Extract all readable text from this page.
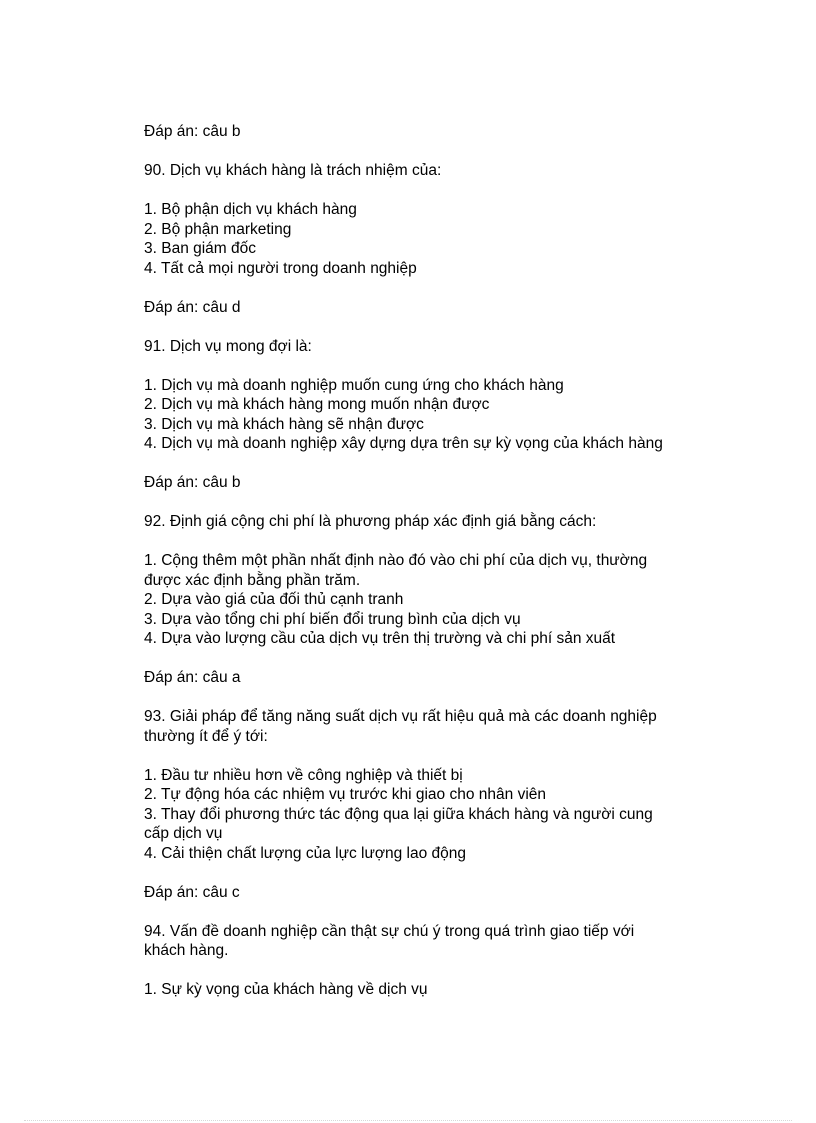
Đáp án: câu b
90. Dịch vụ khách hàng là trách nhiệm của:
1. Bộ phận dịch vụ khách hàng
2. Bộ phận marketing
3. Ban giám đốc
4. Tất cả mọi người trong doanh nghiệp
Đáp án: câu d
91. Dịch vụ mong đợi là:
1. Dịch vụ mà doanh nghiệp muốn cung ứng cho khách hàng
2. Dịch vụ mà khách hàng mong muốn nhận được
3. Dịch vụ mà khách hàng sẽ nhận được
4. Dịch vụ mà doanh nghiệp xây dựng dựa trên sự kỳ vọng của khách hàng
Đáp án: câu b
92. Định giá cộng chi phí là phương pháp xác định giá bằng cách:
1. Cộng thêm một phần nhất định nào đó vào chi phí của dịch vụ, thường
được xác định bằng phần trăm.
2. Dựa vào giá của đối thủ cạnh tranh
3. Dựa vào tổng chi phí biến đổi trung bình của dịch vụ
4. Dựa vào lượng cầu của dịch vụ trên thị trường và chi phí sản xuất
Đáp án: câu a
93. Giải pháp để tăng năng suất dịch vụ rất hiệu quả mà các doanh nghiệp
thường ít để ý tới:
1. Đầu tư nhiều hơn về công nghiệp và thiết bị
2. Tự động hóa các nhiệm vụ trước khi giao cho nhân viên
3. Thay đổi phương thức tác động qua lại giữa khách hàng và người cung
cấp dịch vụ
4. Cải thiện chất lượng của lực lượng lao động
Đáp án: câu c
94. Vấn đề doanh nghiệp cần thật sự chú ý trong quá trình giao tiếp với
khách hàng.
1. Sự kỳ vọng của khách hàng về dịch vụ
